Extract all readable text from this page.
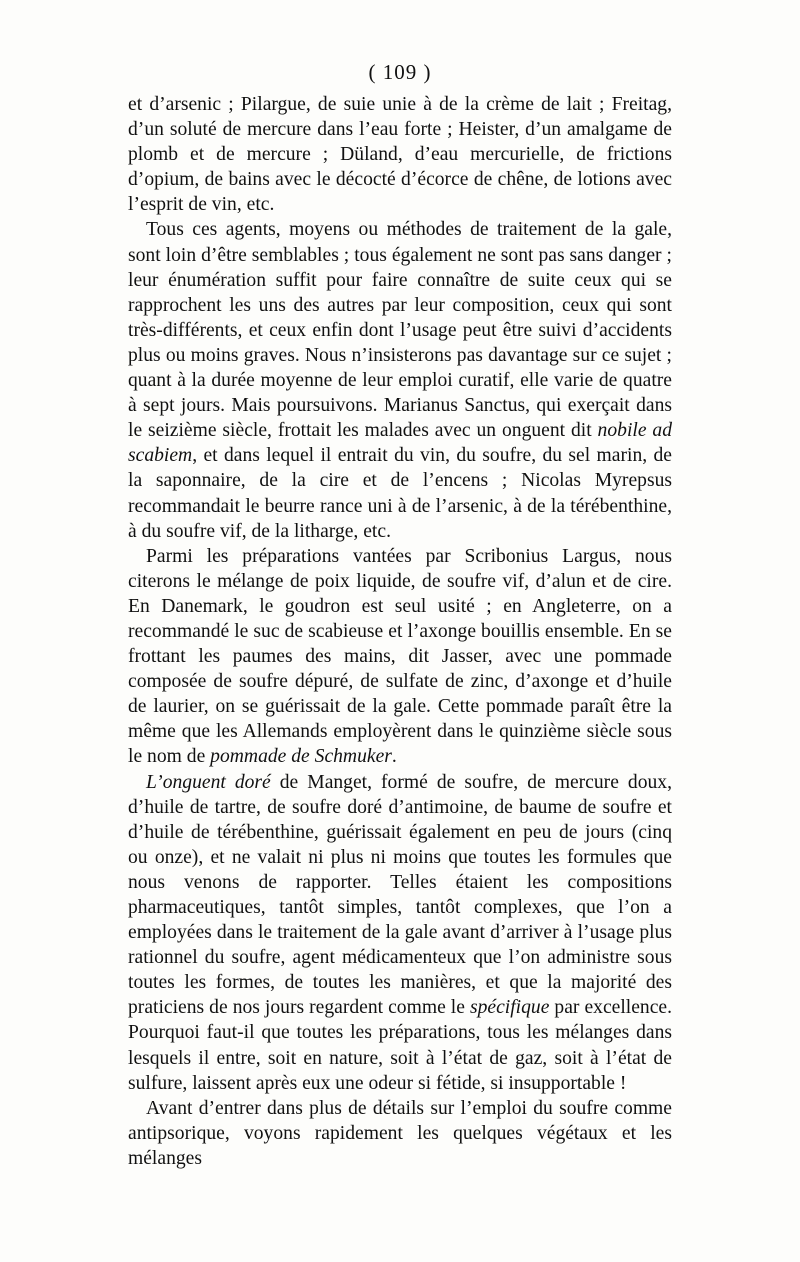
( 109 )

et d’arsenic ; Pilargue, de suie unie à de la crème de lait ; Freitag, d’un soluté de mercure dans l’eau forte ; Heister, d’un amalgame de plomb et de mercure ; Düland, d’eau mercurielle, de frictions d’opium, de bains avec le décocté d’écorce de chêne, de lotions avec l’esprit de vin, etc.

Tous ces agents, moyens ou méthodes de traitement de la gale, sont loin d’être semblables ; tous également ne sont pas sans danger ; leur énumération suffit pour faire connaître de suite ceux qui se rapprochent les uns des autres par leur composition, ceux qui sont très-différents, et ceux enfin dont l’usage peut être suivi d’accidents plus ou moins graves. Nous n’insisterons pas davantage sur ce sujet ; quant à la durée moyenne de leur emploi curatif, elle varie de quatre à sept jours. Mais poursuivons. Marianus Sanctus, qui exerçait dans le seizième siècle, frottait les malades avec un onguent dit nobile ad scabiem, et dans lequel il entrait du vin, du soufre, du sel marin, de la saponnaire, de la cire et de l’encens ; Nicolas Myrepsus recommandait le beurre rance uni à de l’arsenic, à de la térébenthine, à du soufre vif, de la litharge, etc.

Parmi les préparations vantées par Scribonius Largus, nous citerons le mélange de poix liquide, de soufre vif, d’alun et de cire. En Danemark, le goudron est seul usité ; en Angleterre, on a recommandé le suc de scabieuse et l’axonge bouillis ensemble. En se frottant les paumes des mains, dit Jasser, avec une pommade composée de soufre dépuré, de sulfate de zinc, d’axonge et d’huile de laurier, on se guérissait de la gale. Cette pommade paraît être la même que les Allemands employèrent dans le quinzième siècle sous le nom de pommade de Schmuker.

L’onguent doré de Manget, formé de soufre, de mercure doux, d’huile de tartre, de soufre doré d’antimoine, de baume de soufre et d’huile de térébenthine, guérissait également en peu de jours (cinq ou onze), et ne valait ni plus ni moins que toutes les formules que nous venons de rapporter. Telles étaient les compositions pharmaceutiques, tantôt simples, tantôt complexes, que l’on a employées dans le traitement de la gale avant d’arriver à l’usage plus rationnel du soufre, agent médicamenteux que l’on administre sous toutes les formes, de toutes les manières, et que la majorité des praticiens de nos jours regardent comme le spécifique par excellence. Pourquoi faut-il que toutes les préparations, tous les mélanges dans lesquels il entre, soit en nature, soit à l’état de gaz, soit à l’état de sulfure, laissent après eux une odeur si fétide, si insupportable !

Avant d’entrer dans plus de détails sur l’emploi du soufre comme antipsorique, voyons rapidement les quelques végétaux et les mélanges
